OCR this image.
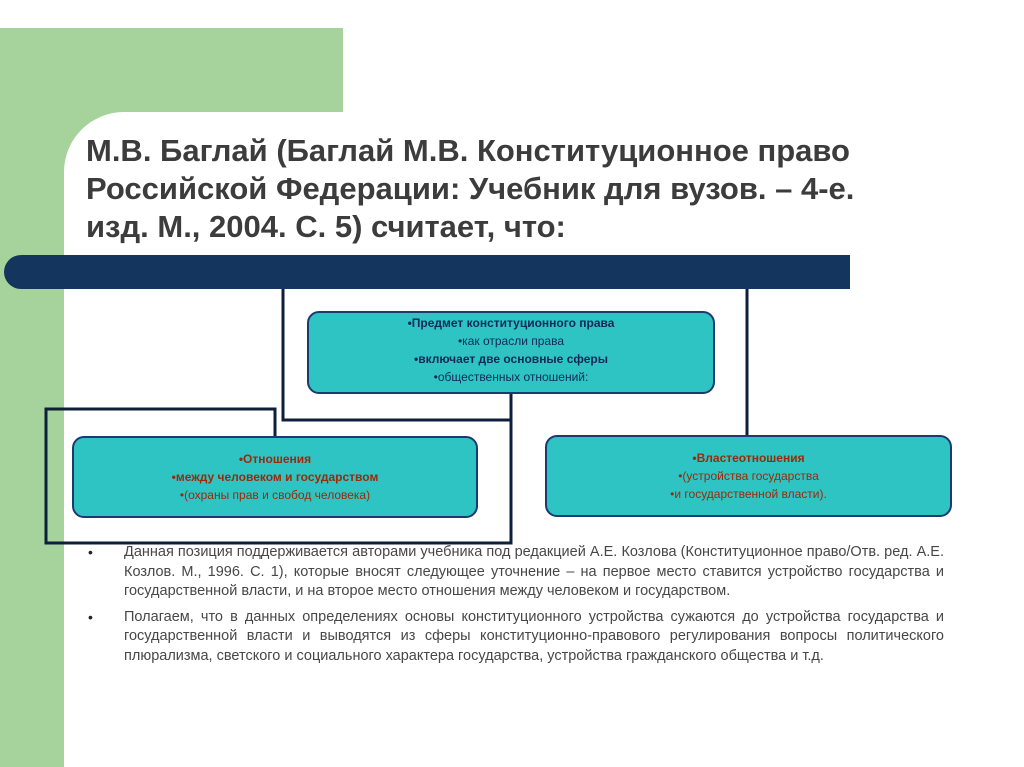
М.В. Баглай (Баглай М.В. Конституционное право
Российской Федерации: Учебник для вузов. – 4-е.
изд. М., 2004. С. 5) считает, что:
•Предмет конституционного права
•как отрасли права
•включает две основные сферы
•общественных отношений:
•Отношения
•между человеком и государством
•(охраны прав и свобод человека)
•Властеотношения
•(устройства государства
•и государственной власти).
• Данная позиция поддерживается авторами учебника под редакцией А.Е. Козлова (Конституционное право/Отв. ред. А.Е. Козлов. М., 1996. С. 1), которые вносят следующее уточнение – на первое место ставится устройство государства и государственной власти, и на второе место отношения между человеком и государством.
• Полагаем, что в данных определениях основы конституционного устройства сужаются до устройства государства и государственной власти и выводятся из сферы конституционно-правового регулирования вопросы политического плюрализма, светского и социального характера государства, устройства гражданского общества и т.д.
